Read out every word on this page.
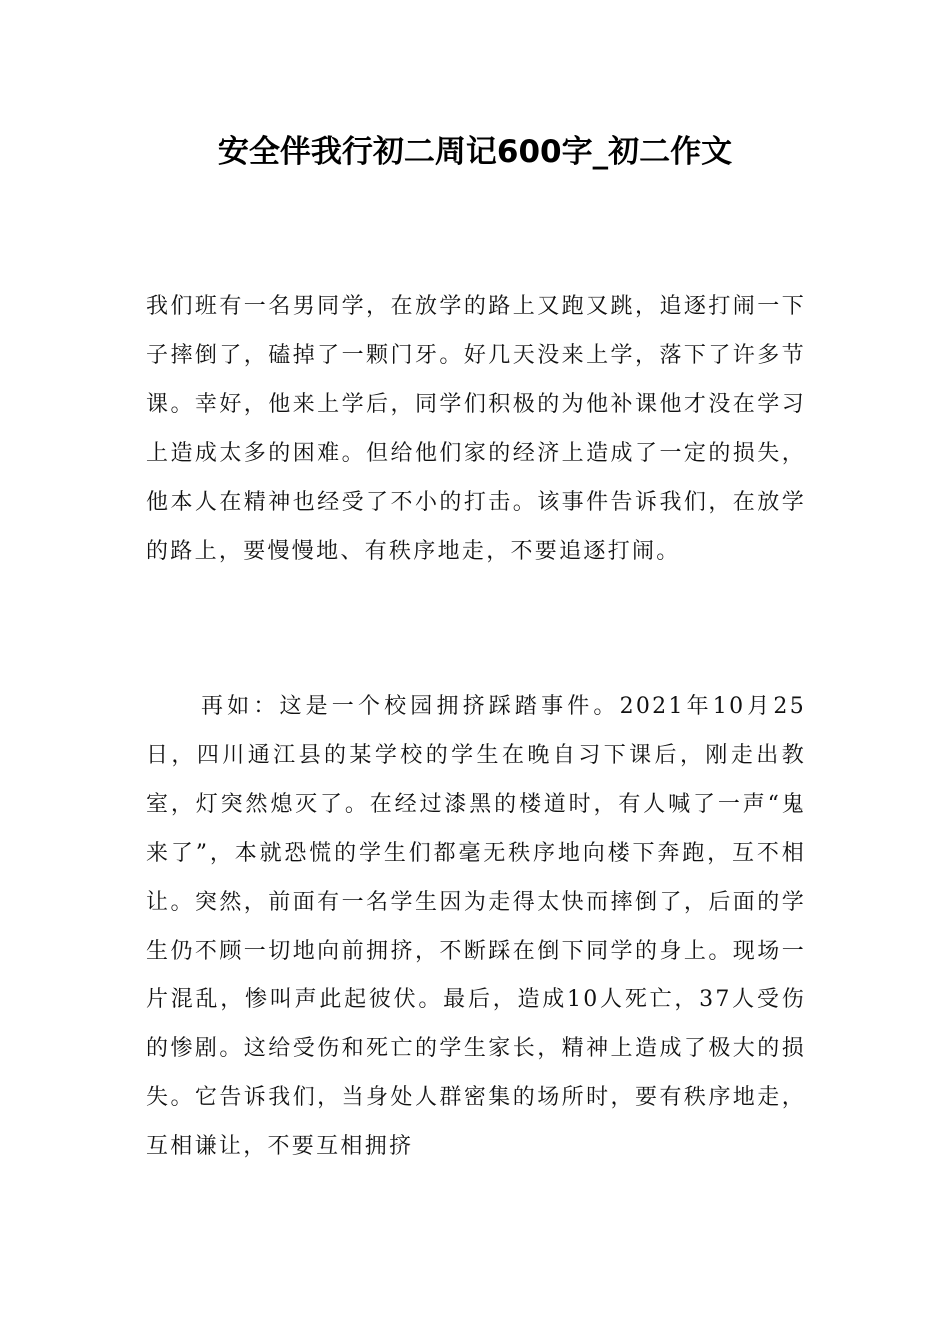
安全伴我行初二周记600字_初二作文
我们班有一名男同学，在放学的路上又跑又跳，追逐打闹一下子摔倒了，磕掉了一颗门牙。好几天没来上学，落下了许多节课。幸好，他来上学后，同学们积极的为他补课他才没在学习上造成太多的困难。但给他们家的经济上造成了一定的损失，他本人在精神也经受了不小的打击。该事件告诉我们，在放学的路上，要慢慢地、有秩序地走，不要追逐打闹。
再如：这是一个校园拥挤踩踏事件。2021年10月25日，四川通江县的某学校的学生在晚自习下课后，刚走出教室，灯突然熄灭了。在经过漆黑的楼道时，有人喊了一声“鬼来了”，本就恐慌的学生们都毫无秩序地向楼下奔跑，互不相让。突然，前面有一名学生因为走得太快而摔倒了，后面的学生仍不顾一切地向前拥挤，不断踩在倒下同学的身上。现场一片混乱，惨叫声此起彼伏。最后，造成10人死亡，37人受伤的惨剧。这给受伤和死亡的学生家长，精神上造成了极大的损失。它告诉我们，当身处人群密集的场所时，要有秩序地走，互相谦让，不要互相拥挤
